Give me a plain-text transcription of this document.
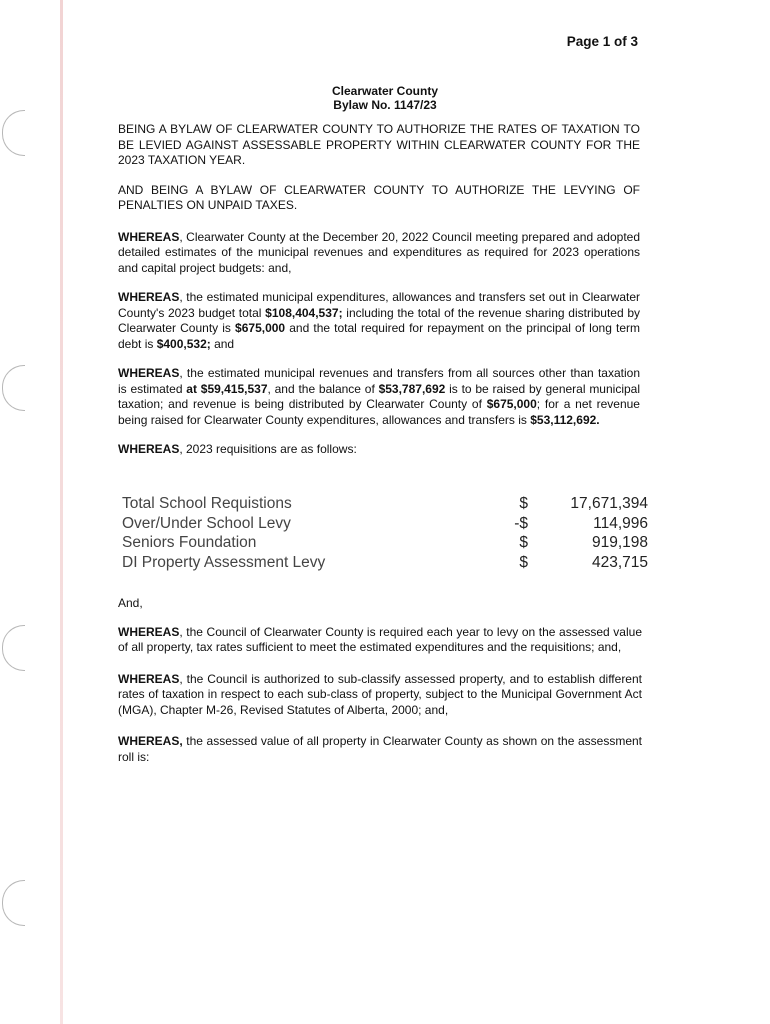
Page 1 of 3

Clearwater County
Bylaw No. 1147/23

BEING A BYLAW OF CLEARWATER COUNTY TO AUTHORIZE THE RATES OF TAXATION TO BE LEVIED AGAINST ASSESSABLE PROPERTY WITHIN CLEARWATER COUNTY FOR THE 2023 TAXATION YEAR.

AND BEING A BYLAW OF CLEARWATER COUNTY TO AUTHORIZE THE LEVYING OF PENALTIES ON UNPAID TAXES.

WHEREAS, Clearwater County at the December 20, 2022 Council meeting prepared and adopted detailed estimates of the municipal revenues and expenditures as required for 2023 operations and capital project budgets: and,

WHEREAS, the estimated municipal expenditures, allowances and transfers set out in Clearwater County's 2023 budget total $108,404,537; including the total of the revenue sharing distributed by Clearwater County is $675,000 and the total required for repayment on the principal of long term debt is $400,532; and

WHEREAS, the estimated municipal revenues and transfers from all sources other than taxation is estimated at $59,415,537, and the balance of $53,787,692 is to be raised by general municipal taxation; and revenue is being distributed by Clearwater County of $675,000; for a net revenue being raised for Clearwater County expenditures, allowances and transfers is $53,112,692.

WHEREAS, 2023 requisitions are as follows:

Total School Requistions	$	17,671,394
Over/Under School Levy	-$	114,996
Seniors Foundation	$	919,198
DI Property Assessment Levy	$	423,715

And,

WHEREAS, the Council of Clearwater County is required each year to levy on the assessed value of all property, tax rates sufficient to meet the estimated expenditures and the requisitions; and,

WHEREAS, the Council is authorized to sub-classify assessed property, and to establish different rates of taxation in respect to each sub-class of property, subject to the Municipal Government Act (MGA), Chapter M-26, Revised Statutes of Alberta, 2000; and,

WHEREAS, the assessed value of all property in Clearwater County as shown on the assessment roll is:
